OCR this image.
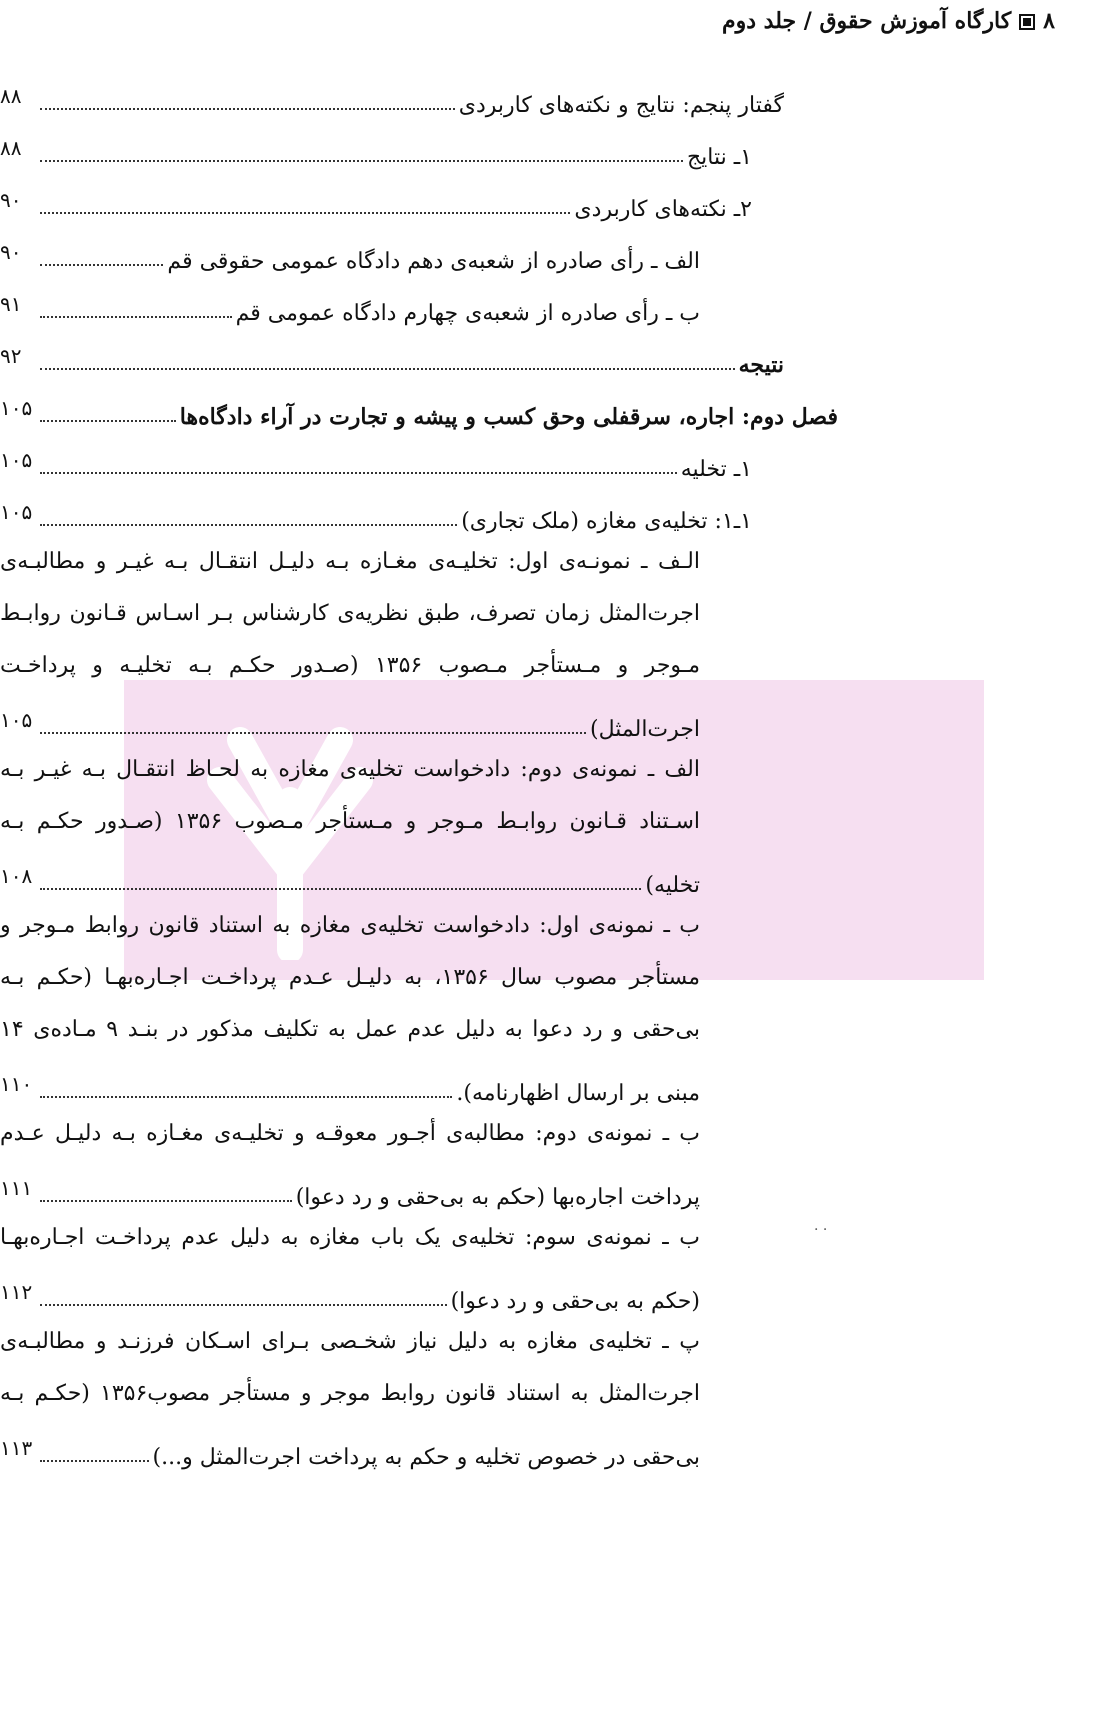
۸کارگاه آموزش حقوق / جلد دوم
۸۸	گفتار پنجم: نتایج و نکته‌های کاربردی
۸۸	۱ـ نتایج
۹۰	۲ـ نکته‌های کاربردی
۹۰	الف ـ رأی صادره از شعبه‌ی دهم دادگاه عمومی حقوقی قم
۹۱	ب ـ رأی صادره از شعبه‌ی چهارم دادگاه عمومی قم
۹۲	نتیجه
۱۰۵	فصل دوم: اجاره، سرقفلی وحق کسب و پیشه و تجارت در آراء دادگاه‌ها
۱۰۵	۱ـ تخلیه
۱۰۵	۱ـ۱: تخلیه‌ی مغازه (ملک تجاری)
الـف ـ نمونـه‌ی اول: تخلیـه‌ی مغـازه بـه دلیـل انتقـال بـه غیـر و مطالبـه‌ی
اجرت‌المثل زمان تصرف، طبق نظریه‌ی کارشناس بـر اسـاس قـانون روابـط
مـوجر و مـستأجر مـصوب ۱۳۵۶ (صـدور حکـم بـه تخلیـه و پرداخـت
۱۰۵	اجرت‌المثل)
الف ـ نمونه‌ی دوم: دادخواست تخلیه‌ی مغازه به لحـاظ انتقـال بـه غیـر بـه
اسـتناد قـانون روابـط مـوجر و مـستأجر مـصوب ۱۳۵۶ (صـدور حکـم بـه
۱۰۸	تخلیه)
ب ـ نمونه‌ی اول: دادخواست تخلیه‌ی مغازه به استناد قانون روابط مـوجر و
مستأجر مصوب سال ۱۳۵۶، به دلیـل عـدم پرداخـت اجـاره‌بهـا (حکـم بـه
بی‌حقی و رد دعوا به دلیل عدم عمل به تکلیف مذکور در بنـد ۹ مـاده‌ی ۱۴
۱۱۰	مبنی بر ارسال اظهارنامه).
ب ـ نمونه‌ی دوم: مطالبه‌ی أجـور معوقـه و تخلیـه‌ی مغـازه بـه دلیـل عـدم
۱۱۱	پرداخت اجاره‌بها (حکم به بی‌حقی و رد دعوا)
ب ـ نمونه‌ی سوم: تخلیه‌ی یک باب مغازه به دلیل عدم پرداخـت اجـاره‌بهـا
۱۱۲	(حکم به بی‌حقی و رد دعوا)
پ ـ تخلیه‌ی مغازه به دلیل نیاز شخـصی بـرای اسـکان فرزنـد و مطالبـه‌ی
اجرت‌المثل به استناد قانون روابط موجر و مستأجر مصوب۱۳۵۶ (حکـم بـه
۱۱۳	بی‌حقی در خصوص تخلیه و حکم به پرداخت اجرت‌المثل و...)
· ·
